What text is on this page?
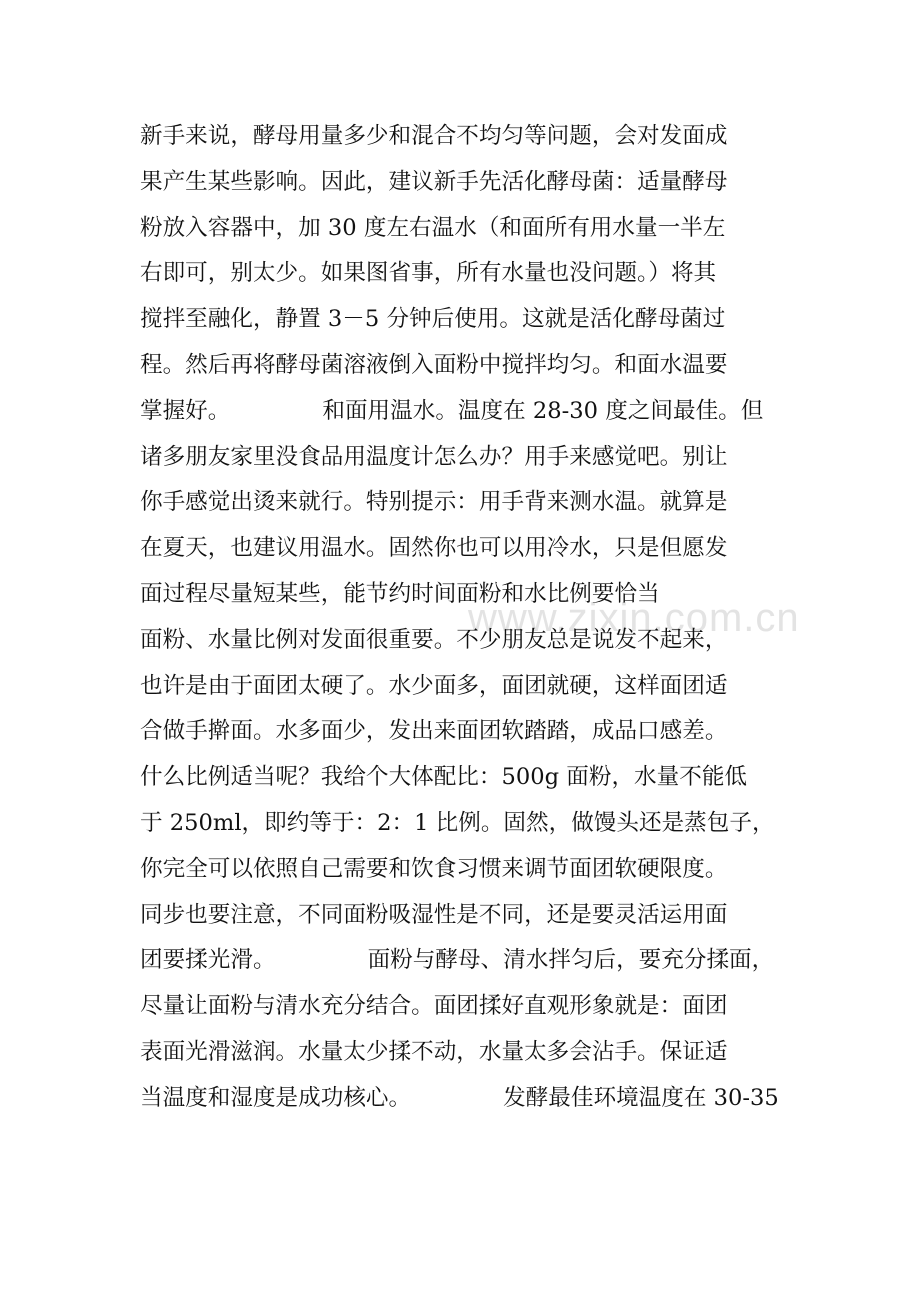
www.zixin.com.cn
新手来说，酵母用量多少和混合不均匀等问题，会对发面成
果产生某些影响。因此，建议新手先活化酵母菌：适量酵母
粉放入容器中，加 30 度左右温水（和面所有用水量一半左
右即可，别太少。如果图省事，所有水量也没问题。）将其
搅拌至融化，静置 3－5 分钟后使用。这就是活化酵母菌过
程。然后再将酵母菌溶液倒入面粉中搅拌均匀。和面水温要
掌握好。	和面用温水。温度在 28-30 度之间最佳。但
诸多朋友家里没食品用温度计怎么办？用手来感觉吧。别让
你手感觉出烫来就行。特别提示：用手背来测水温。就算是
在夏天，也建议用温水。固然你也可以用冷水，只是但愿发
面过程尽量短某些，能节约时间面粉和水比例要恰当
面粉、水量比例对发面很重要。不少朋友总是说发不起来，
也许是由于面团太硬了。水少面多，面团就硬，这样面团适
合做手擀面。水多面少，发出来面团软踏踏，成品口感差。
什么比例适当呢？我给个大体配比：500g 面粉，水量不能低
于 250ml，即约等于：2：1 比例。固然，做馒头还是蒸包子，
你完全可以依照自己需要和饮食习惯来调节面团软硬限度。
同步也要注意，不同面粉吸湿性是不同，还是要灵活运用面
团要揉光滑。	面粉与酵母、清水拌匀后，要充分揉面，
尽量让面粉与清水充分结合。面团揉好直观形象就是：面团
表面光滑滋润。水量太少揉不动，水量太多会沾手。保证适
当温度和湿度是成功核心。	发酵最佳环境温度在 30-35
